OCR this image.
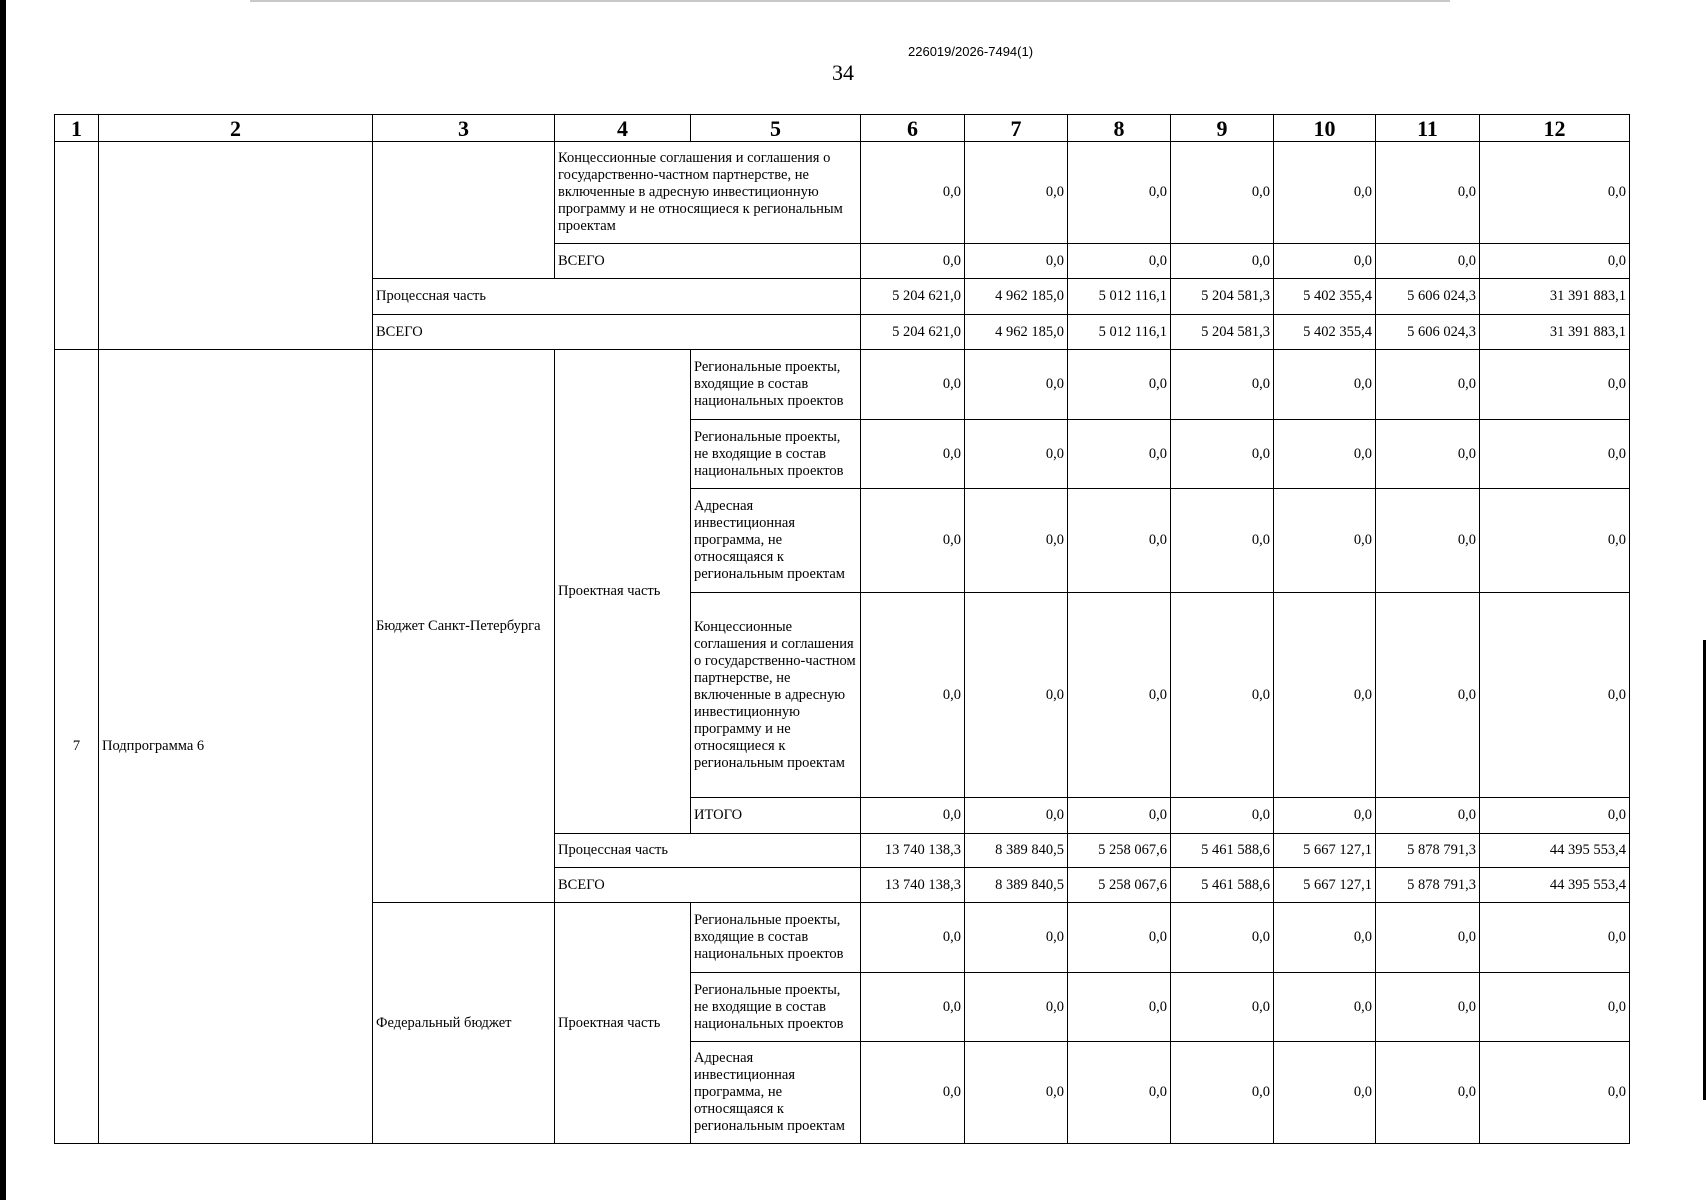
226019/2026-7494(1)
34
1	2	3	4	5	6	7	8	9	10	11	12
			Концессионные соглашения и соглашения о государственно-частном партнерстве, не включенные в адресную инвестиционную программу и не относящиеся к региональным проектам		0,0	0,0	0,0	0,0	0,0	0,0	0,0
			ВСЕГО		0,0	0,0	0,0	0,0	0,0	0,0	0,0
		Процессная часть			5 204 621,0	4 962 185,0	5 012 116,1	5 204 581,3	5 402 355,4	5 606 024,3	31 391 883,1
		ВСЕГО			5 204 621,0	4 962 185,0	5 012 116,1	5 204 581,3	5 402 355,4	5 606 024,3	31 391 883,1
7	Подпрограмма 6	Бюджет Санкт-Петербурга	Проектная часть	Региональные проекты, входящие в состав национальных проектов	0,0	0,0	0,0	0,0	0,0	0,0	0,0
				Региональные проекты, не входящие в состав национальных проектов	0,0	0,0	0,0	0,0	0,0	0,0	0,0
				Адресная инвестиционная программа, не относящаяся к региональным проектам	0,0	0,0	0,0	0,0	0,0	0,0	0,0
				Концессионные соглашения и соглашения о государственно-частном партнерстве, не включенные в адресную инвестиционную программу и не относящиеся к региональным проектам	0,0	0,0	0,0	0,0	0,0	0,0	0,0
				ИТОГО	0,0	0,0	0,0	0,0	0,0	0,0	0,0
			Процессная часть		13 740 138,3	8 389 840,5	5 258 067,6	5 461 588,6	5 667 127,1	5 878 791,3	44 395 553,4
			ВСЕГО		13 740 138,3	8 389 840,5	5 258 067,6	5 461 588,6	5 667 127,1	5 878 791,3	44 395 553,4
		Федеральный бюджет	Проектная часть	Региональные проекты, входящие в состав национальных проектов	0,0	0,0	0,0	0,0	0,0	0,0	0,0
				Региональные проекты, не входящие в состав национальных проектов	0,0	0,0	0,0	0,0	0,0	0,0	0,0
				Адресная инвестиционная программа, не относящаяся к региональным проектам	0,0	0,0	0,0	0,0	0,0	0,0	0,0
